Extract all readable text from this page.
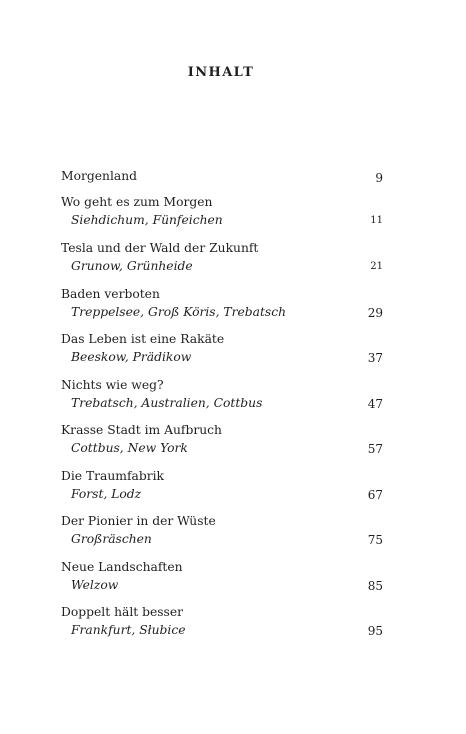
INHALT
Morgenland	9
Wo geht es zum Morgen
Siehdichum, Fünfeichen	11
Tesla und der Wald der Zukunft
Grunow, Grünheide	21
Baden verboten
Treppelsee, Groß Köris, Trebatsch	29
Das Leben ist eine Rakäte
Beeskow, Prädikow	37
Nichts wie weg?
Trebatsch, Australien, Cottbus	47
Krasse Stadt im Aufbruch
Cottbus, New York	57
Die Traumfabrik
Forst, Lodz	67
Der Pionier in der Wüste
Großräschen	75
Neue Landschaften
Welzow	85
Doppelt hält besser
Frankfurt, Słubice	95
